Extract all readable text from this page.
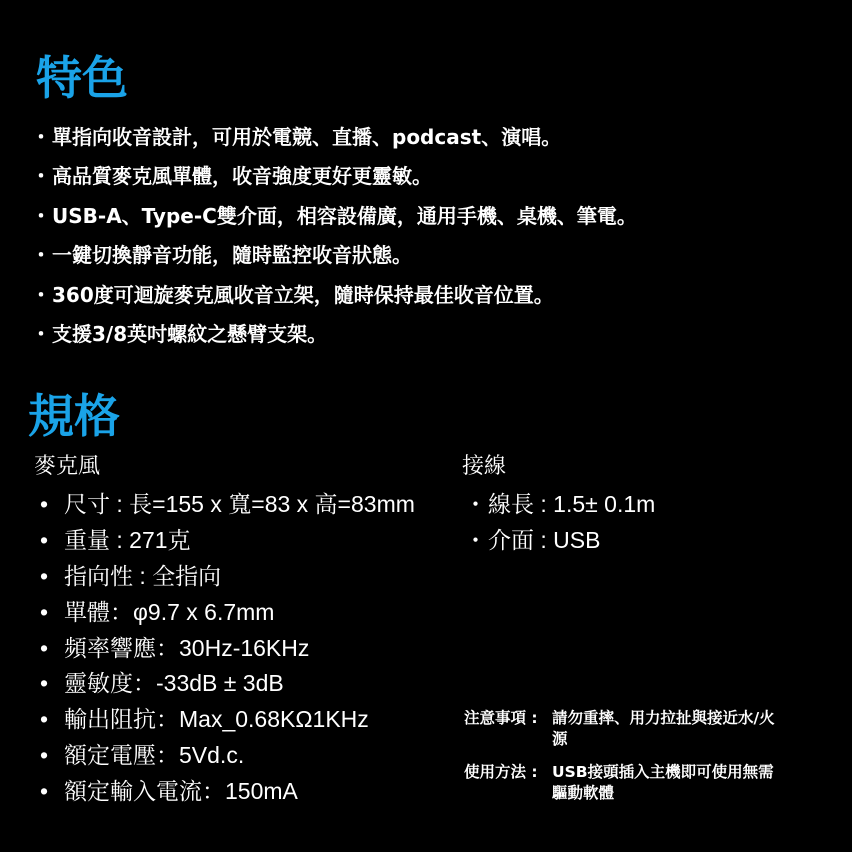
特色
・單指向收音設計，可用於電競、直播、podcast、演唱。
・高品質麥克風單體，收音強度更好更靈敏。
・USB-A、Type-C雙介面，相容設備廣，通用手機、桌機、筆電。
・一鍵切換靜音功能，隨時監控收音狀態。
・360度可迴旋麥克風收音立架，隨時保持最佳收音位置。
・支援3/8英吋螺紋之懸臂支架。
規格
麥克風	接線
• 尺寸 : 長=155 x 寬=83 x 高=83mm
• 重量 : 271克
• 指向性 : 全指向
• 單體：φ9.7 x 6.7mm
• 頻率響應：30Hz-16KHz
• 靈敏度：-33dB ± 3dB
• 輸出阻抗：Max_0.68KΩ1KHz
• 額定電壓：5Vd.c.
• 額定輸入電流：150mA
・線長 : 1.5± 0.1m
・介面 : USB
注意事項 : 請勿重摔、用力拉扯與接近水/火源
使用方法 : USB接頭插入主機即可使用無需驅動軟體
